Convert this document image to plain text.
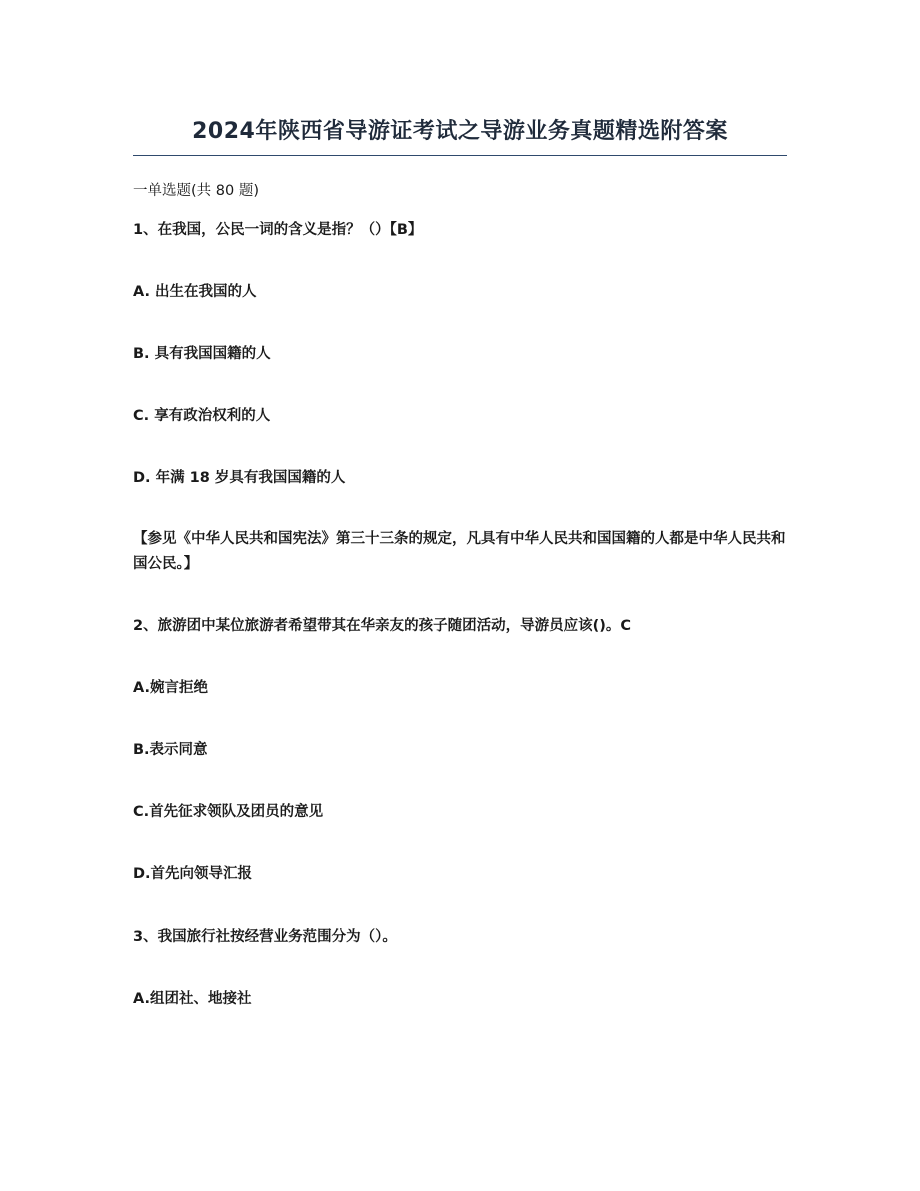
2024年陕西省导游证考试之导游业务真题精选附答案
一单选题(共 80 题)
1、在我国，公民一词的含义是指？（）【B】
A. 出生在我国的人
B. 具有我国国籍的人
C. 享有政治权利的人
D. 年满 18 岁具有我国国籍的人
【参见《中华人民共和国宪法》第三十三条的规定，凡具有中华人民共和国国籍的人都是中华人民共和国公民。】
2、旅游团中某位旅游者希望带其在华亲友的孩子随团活动，导游员应该()。C
A.婉言拒绝
B.表示同意
C.首先征求领队及团员的意见
D.首先向领导汇报
3、我国旅行社按经营业务范围分为（）。
A.组团社、地接社
